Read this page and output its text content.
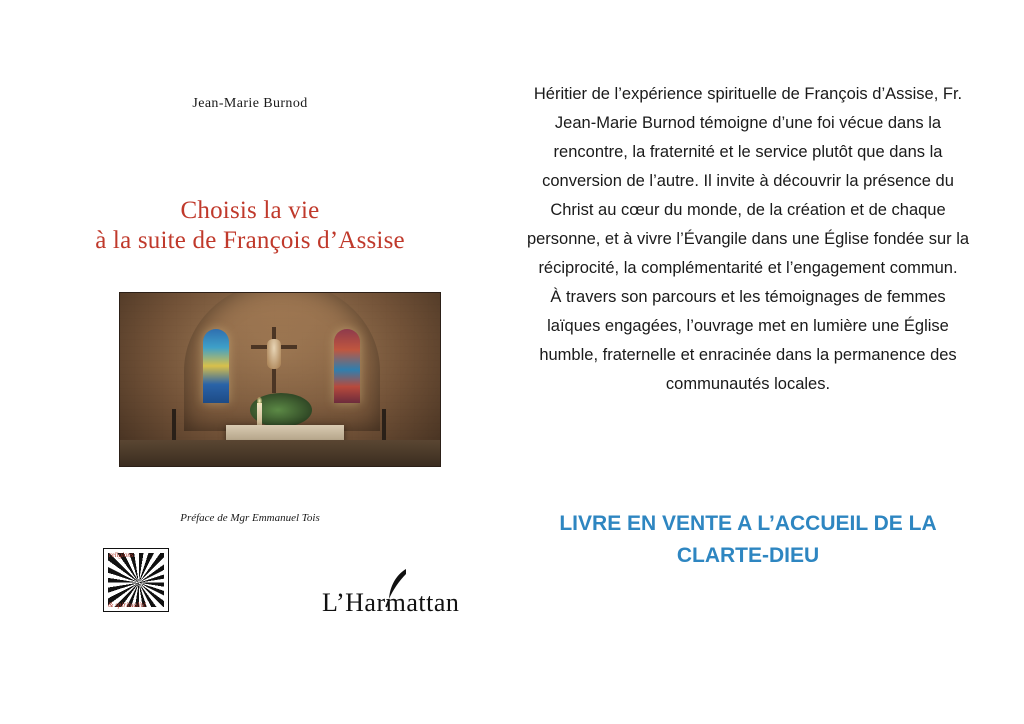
Jean-Marie Burnod
Choisis la vie
à la suite de François d’Assise
Préface de Mgr Emmanuel Tois
religions
& spiritualité	L’Harmattan

Héritier de l’expérience spirituelle de François d’Assise, Fr. Jean-Marie Burnod témoigne d’une foi vécue dans la rencontre, la fraternité et le service plutôt que dans la conversion de l’autre. Il invite à découvrir la présence du Christ au cœur du monde, de la création et de chaque personne, et à vivre l’Évangile dans une Église fondée sur la réciprocité, la complémentarité et l’engagement commun.

À travers son parcours et les témoignages de femmes laïques engagées, l’ouvrage met en lumière une Église humble, fraternelle et enracinée dans la permanence des communautés locales.

LIVRE EN VENTE A L’ACCUEIL DE LA
CLARTE-DIEU
